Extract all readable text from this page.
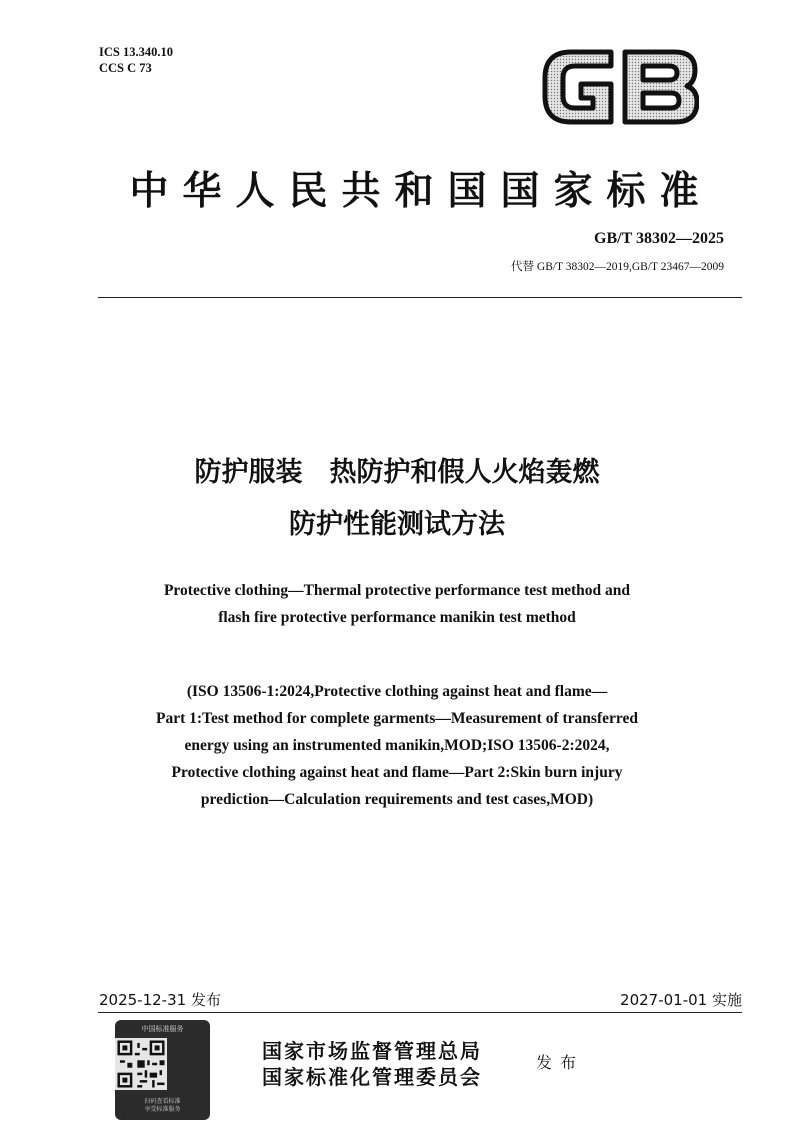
ICS 13.340.10
CCS C 73
中华人民共和国国家标准
GB/T 38302—2025
代替 GB/T 38302—2019,GB/T 23467—2009
防护服装　热防护和假人火焰轰燃
防护性能测试方法
Protective clothing—Thermal protective performance test method and
flash fire protective performance manikin test method
(ISO 13506-1:2024,Protective clothing against heat and flame—
Part 1:Test method for complete garments—Measurement of transferred
energy using an instrumented manikin,MOD;ISO 13506-2:2024,
Protective clothing against heat and flame—Part 2:Skin burn injury
prediction—Calculation requirements and test cases,MOD)
2025-12-31 发布	2027-01-01 实施
中国标准服务
扫码查看标准
享受标准服务
国家市场监督管理总局
国家标准化管理委员会
发布
